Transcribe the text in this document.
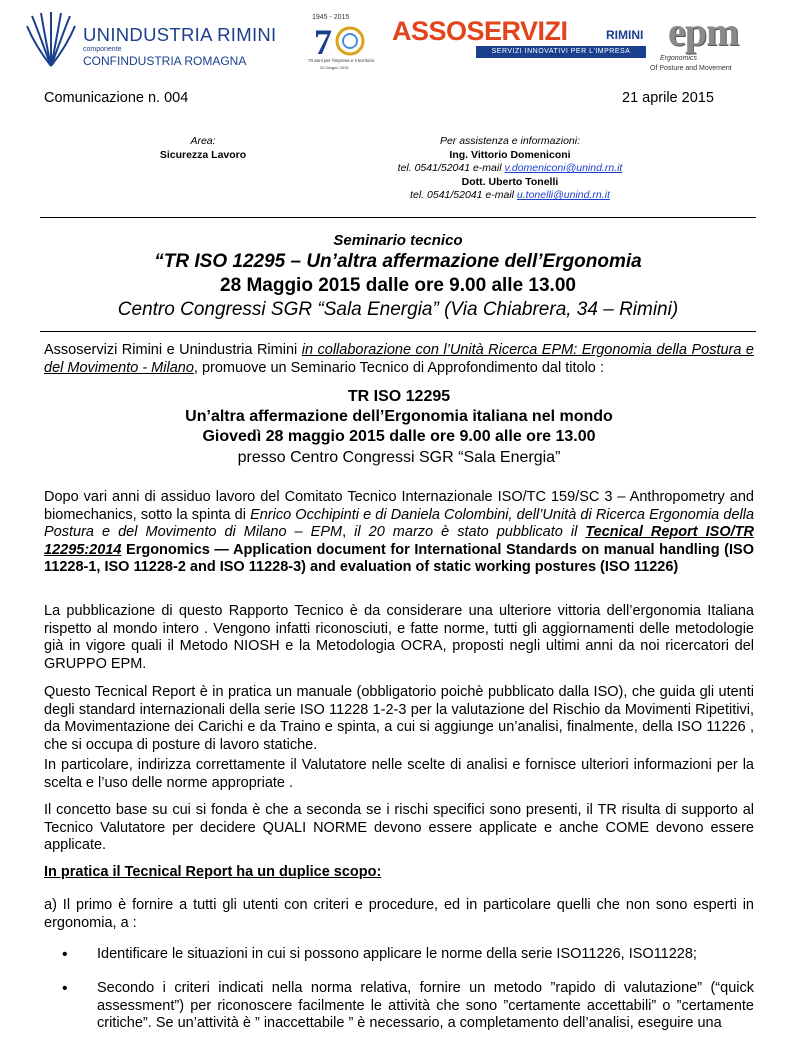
UNINDUSTRIA RIMINI
componente
CONFINDUSTRIA ROMAGNA
1945 - 2015
7
70 anni per l'impresa e il territorio
22 Giugno 2015
ASSOSERVIZI	RIMINI
SERVIZI INNOVATIVI PER L'IMPRESA epm
Ergonomics
Of Posture and Movement
Comunicazione n. 004	21 aprile 2015
Area:
Sicurezza Lavoro
Per assistenza e informazioni:
Ing. Vittorio Domeniconi
tel. 0541/52041 e-mail v.domeniconi@unind.rn.it
Dott. Uberto Tonelli
tel. 0541/52041 e-mail u.tonelli@unind.rn.it
Seminario tecnico
“TR ISO 12295 – Un’altra affermazione dell’Ergonomia
28 Maggio 2015 dalle ore 9.00 alle 13.00
Centro Congressi SGR “Sala Energia” (Via Chiabrera, 34 – Rimini)

Assoservizi Rimini e Unindustria Rimini in collaborazione con l’Unità Ricerca EPM: Ergonomia della Postura e del Movimento - Milano, promuove un Seminario Tecnico di Approfondimento dal titolo :

TR ISO 12295
Un’altra affermazione dell’Ergonomia italiana nel mondo
Giovedì 28 maggio 2015 dalle ore 9.00 alle ore 13.00
presso Centro Congressi SGR “Sala Energia”

Dopo vari anni di assiduo lavoro del Comitato Tecnico Internazionale ISO/TC 159/SC 3 – Anthropometry and biomechanics, sotto la spinta di Enrico Occhipinti e di Daniela Colombini, dell’Unità di Ricerca Ergonomia della Postura e del Movimento di Milano – EPM, il 20 marzo è stato pubblicato il Tecnical Report ISO/TR 12295:2014 Ergonomics — Application document for International Standards on manual handling (ISO 11228-1, ISO 11228-2 and ISO 11228-3) and evaluation of static working postures (ISO 11226)

La pubblicazione di questo Rapporto Tecnico è da considerare una ulteriore vittoria dell’ergonomia Italiana rispetto al mondo intero . Vengono infatti riconosciuti, e fatte norme, tutti gli aggiornamenti delle metodologie già in vigore quali il Metodo NIOSH e la Metodologia OCRA, proposti negli ultimi anni da noi ricercatori del GRUPPO EPM.

Questo Tecnical Report è in pratica un manuale (obbligatorio poichè pubblicato dalla ISO), che guida gli utenti degli standard internazionali della serie ISO 11228 1-2-3 per la valutazione del Rischio da Movimenti Ripetitivi, da Movimentazione dei Carichi e da Traino e spinta, a cui si aggiunge un’analisi, finalmente, della ISO 11226 , che si occupa di posture di lavoro statiche.

In particolare, indirizza correttamente il Valutatore nelle scelte di analisi e fornisce ulteriori informazioni per la scelta e l’uso delle norme appropriate .

Il concetto base su cui si fonda è che a seconda se i rischi specifici sono presenti, il TR risulta di supporto al Tecnico Valutatore per decidere QUALI NORME devono essere applicate e anche COME devono essere applicate.

In pratica il Tecnical Report ha un duplice scopo:

a) Il primo è fornire a tutti gli utenti con criteri e procedure, ed in particolare quelli che non sono esperti in ergonomia, a :

• Identificare le situazioni in cui si possono applicare le norme della serie ISO11226, ISO11228;
• Secondo i criteri indicati nella norma relativa, fornire un metodo ”rapido di valutazione” (“quick assessment”) per riconoscere facilmente le attività che sono ”certamente accettabili” o ”certamente critiche”. Se un’attività è ” inaccettabile ” è necessario, a completamento dell’analisi, eseguire una
